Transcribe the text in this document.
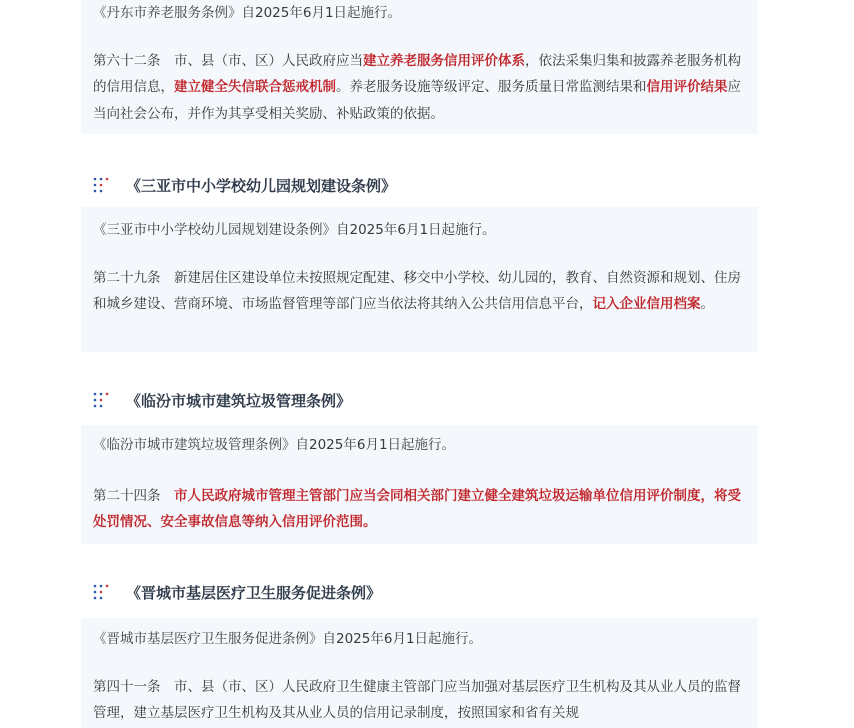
《丹东市养老服务条例》自2025年6月1日起施行。

第六十二条　市、县（市、区）人民政府应当建立养老服务信用评价体系，依法采集归集和披露养老服务机构的信用信息，建立健全失信联合惩戒机制。养老服务设施等级评定、服务质量日常监测结果和信用评价结果应当向社会公布，并作为其享受相关奖励、补贴政策的依据。

《三亚市中小学校幼儿园规划建设条例》

《三亚市中小学校幼儿园规划建设条例》自2025年6月1日起施行。

第二十九条　新建居住区建设单位未按照规定配建、移交中小学校、幼儿园的，教育、自然资源和规划、住房和城乡建设、营商环境、市场监督管理等部门应当依法将其纳入公共信用信息平台，记入企业信用档案。

《临汾市城市建筑垃圾管理条例》

《临汾市城市建筑垃圾管理条例》自2025年6月1日起施行。

第二十四条　市人民政府城市管理主管部门应当会同相关部门建立健全建筑垃圾运输单位信用评价制度，将受处罚情况、安全事故信息等纳入信用评价范围。

《晋城市基层医疗卫生服务促进条例》

《晋城市基层医疗卫生服务促进条例》自2025年6月1日起施行。

第四十一条　市、县（市、区）人民政府卫生健康主管部门应当加强对基层医疗卫生机构及其从业人员的监督管理，建立基层医疗卫生机构及其从业人员的信用记录制度，按照国家和省有关规
